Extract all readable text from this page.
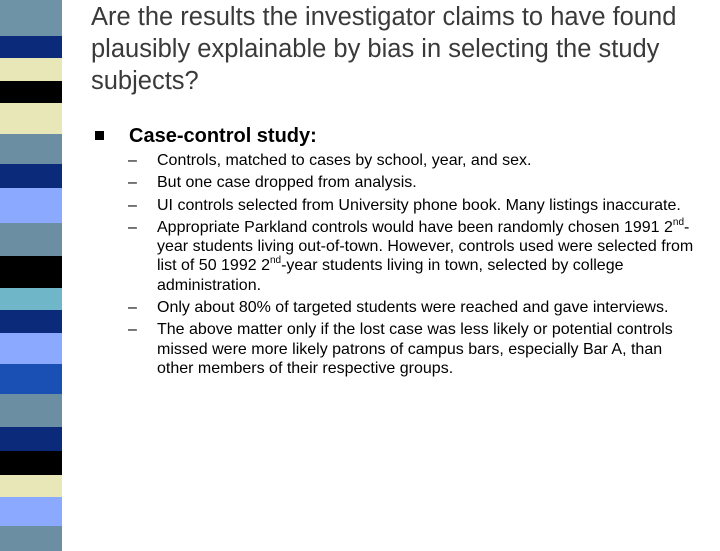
Are the results the investigator claims to have found plausibly explainable by bias in selecting the study subjects?
Case-control study:
– Controls, matched to cases by school, year, and sex.
– But one case dropped from analysis.
– UI controls selected from University phone book. Many listings inaccurate.
– Appropriate Parkland controls would have been randomly chosen 1991 2nd-year students living out-of-town. However, controls used were selected from list of 50 1992 2nd-year students living in town, selected by college administration.
– Only about 80% of targeted students were reached and gave interviews.
– The above matter only if the lost case was less likely or potential controls missed were more likely patrons of campus bars, especially Bar A, than other members of their respective groups.
